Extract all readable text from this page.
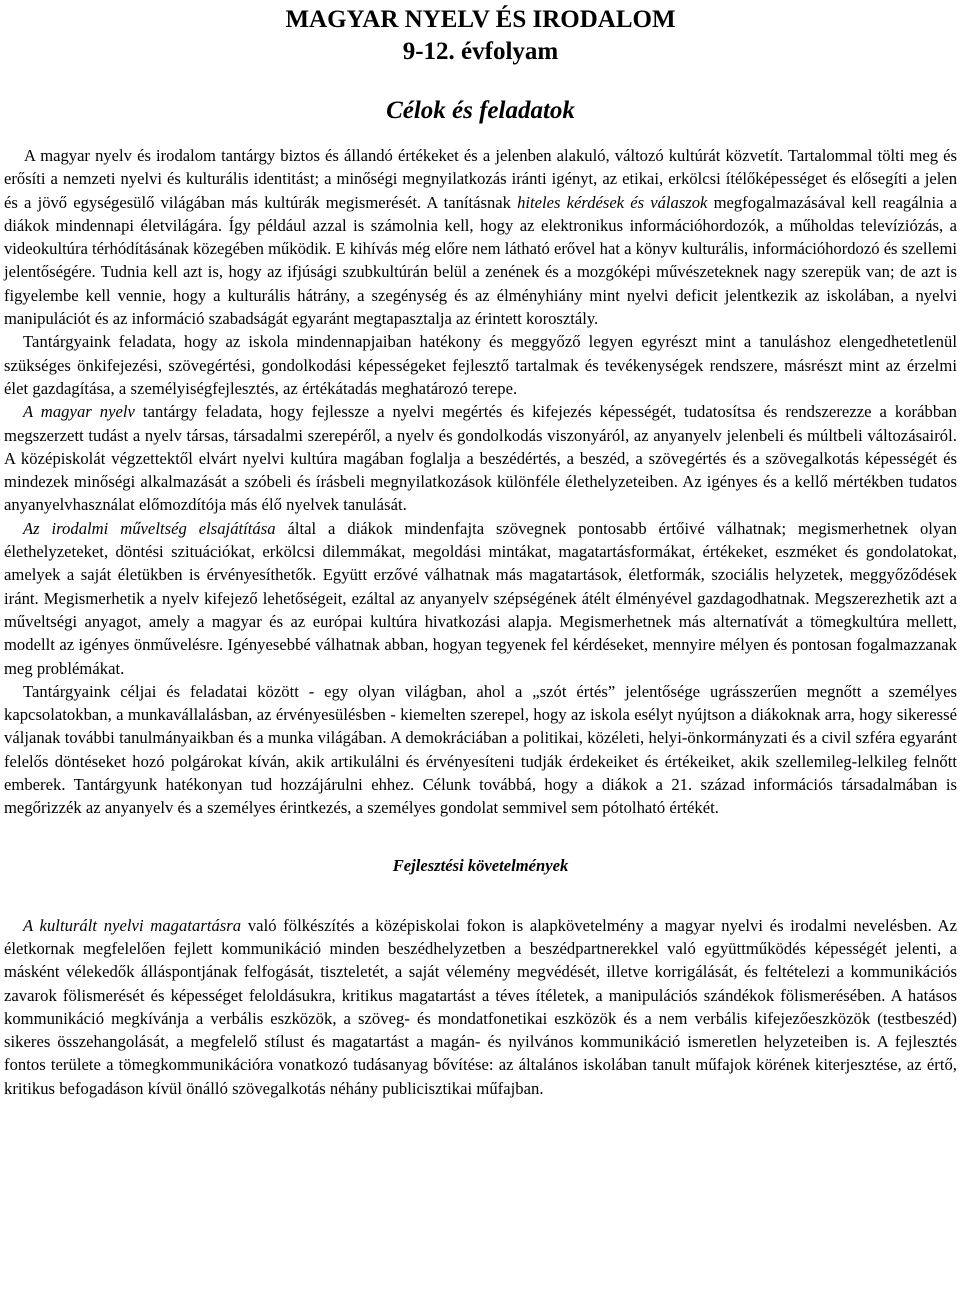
MAGYAR NYELV ÉS IRODALOM
9-12. évfolyam
Célok és feladatok

A magyar nyelv és irodalom tantárgy biztos és állandó értékeket és a jelenben alakuló, változó kultúrát közvetít. Tartalommal tölti meg és erősíti a nemzeti nyelvi és kulturális identitást; a minőségi megnyilatkozás iránti igényt, az etikai, erkölcsi ítélőképességet és elősegíti a jelen és a jövő egységesülő világában más kultúrák megismerését. A tanításnak hiteles kérdések és válaszok megfogalmazásával kell reagálnia a diákok mindennapi életvilágára. Így például azzal is számolnia kell, hogy az elektronikus információhordozók, a műholdas televíziózás, a videokultúra térhódításának közegében működik. E kihívás még előre nem látható erővel hat a könyv kulturális, információhordozó és szellemi jelentőségére. Tudnia kell azt is, hogy az ifjúsági szubkultúrán belül a zenének és a mozgóképi művészeteknek nagy szerepük van; de azt is figyelembe kell vennie, hogy a kulturális hátrány, a szegénység és az élményhiány mint nyelvi deficit jelentkezik az iskolában, a nyelvi manipulációt és az információ szabadságát egyaránt megtapasztalja az érintett korosztály.

Tantárgyaink feladata, hogy az iskola mindennapjaiban hatékony és meggyőző legyen egyrészt mint a tanuláshoz elengedhetetlenül szükséges önkifejezési, szövegértési, gondolkodási képességeket fejlesztő tartalmak és tevékenységek rendszere, másrészt mint az érzelmi élet gazdagítása, a személyiségfejlesztés, az értékátadás meghatározó terepe.

A magyar nyelv tantárgy feladata, hogy fejlessze a nyelvi megértés és kifejezés képességét, tudatosítsa és rendszerezze a korábban megszerzett tudást a nyelv társas, társadalmi szerepéről, a nyelv és gondolkodás viszonyáról, az anyanyelv jelenbeli és múltbeli változásairól. A középiskolát végzettektől elvárt nyelvi kultúra magában foglalja a beszédértés, a beszéd, a szövegértés és a szövegalkotás képességét és mindezek minőségi alkalmazását a szóbeli és írásbeli megnyilatkozások különféle élethelyzeteiben. Az igényes és a kellő mértékben tudatos anyanyelvhasználat előmozdítója más élő nyelvek tanulását.

Az irodalmi műveltség elsajátítása által a diákok mindenfajta szövegnek pontosabb értőivé válhatnak; megismerhetnek olyan élethelyzeteket, döntési szituációkat, erkölcsi dilemmákat, megoldási mintákat, magatartásformákat, értékeket, eszméket és gondolatokat, amelyek a saját életükben is érvényesíthetők. Együtt erzővé válhatnak más magatartások, életformák, szociális helyzetek, meggyőződések iránt. Megismerhetik a nyelv kifejező lehetőségeit, ezáltal az anyanyelv szépségének átélt élményével gazdagodhatnak. Megszerezhetik azt a műveltségi anyagot, amely a magyar és az európai kultúra hivatkozási alapja. Megismerhetnek más alternatívát a tömegkultúra mellett, modellt az igényes önművelésre. Igényesebbé válhatnak abban, hogyan tegyenek fel kérdéseket, mennyire mélyen és pontosan fogalmazzanak meg problémákat.

Tantárgyaink céljai és feladatai között - egy olyan világban, ahol a „szót értés” jelentősége ugrásszerűen megnőtt a személyes kapcsolatokban, a munkavállalásban, az érvényesülésben - kiemelten szerepel, hogy az iskola esélyt nyújtson a diákoknak arra, hogy sikeressé váljanak további tanulmányaikban és a munka világában. A demokráciában a politikai, közéleti, helyi-önkormányzati és a civil szféra egyaránt felelős döntéseket hozó polgárokat kíván, akik artikulálni és érvényesíteni tudják érdekeiket és értékeiket, akik szellemileg-lelkileg felnőtt emberek. Tantárgyunk hatékonyan tud hozzájárulni ehhez. Célunk továbbá, hogy a diákok a 21. század információs társadalmában is megőrizzék az anyanyelv és a személyes érintkezés, a személyes gondolat semmivel sem pótolható értékét.

Fejlesztési követelmények

A kulturált nyelvi magatartásra való fölkészítés a középiskolai fokon is alapkövetelmény a magyar nyelvi és irodalmi nevelésben. Az életkornak megfelelően fejlett kommunikáció minden beszédhelyzetben a beszédpartnerekkel való együttműködés képességét jelenti, a másként vélekedők álláspontjának felfogását, tiszteletét, a saját vélemény megvédését, illetve korrigálását, és feltételezi a kommunikációs zavarok fölismerését és képességet feloldásukra, kritikus magatartást a téves ítéletek, a manipulációs szándékok fölismerésében. A hatásos kommunikáció megkívánja a verbális eszközök, a szöveg- és mondatfonetikai eszközök és a nem verbális kifejezőeszközök (testbeszéd) sikeres összehangolását, a megfelelő stílust és magatartást a magán- és nyilvános kommunikáció ismeretlen helyzeteiben is. A fejlesztés fontos területe a tömegkommunikációra vonatkozó tudásanyag bővítése: az általános iskolában tanult műfajok körének kiterjesztése, az értő, kritikus befogadáson kívül önálló szövegalkotás néhány publicisztikai műfajban.
